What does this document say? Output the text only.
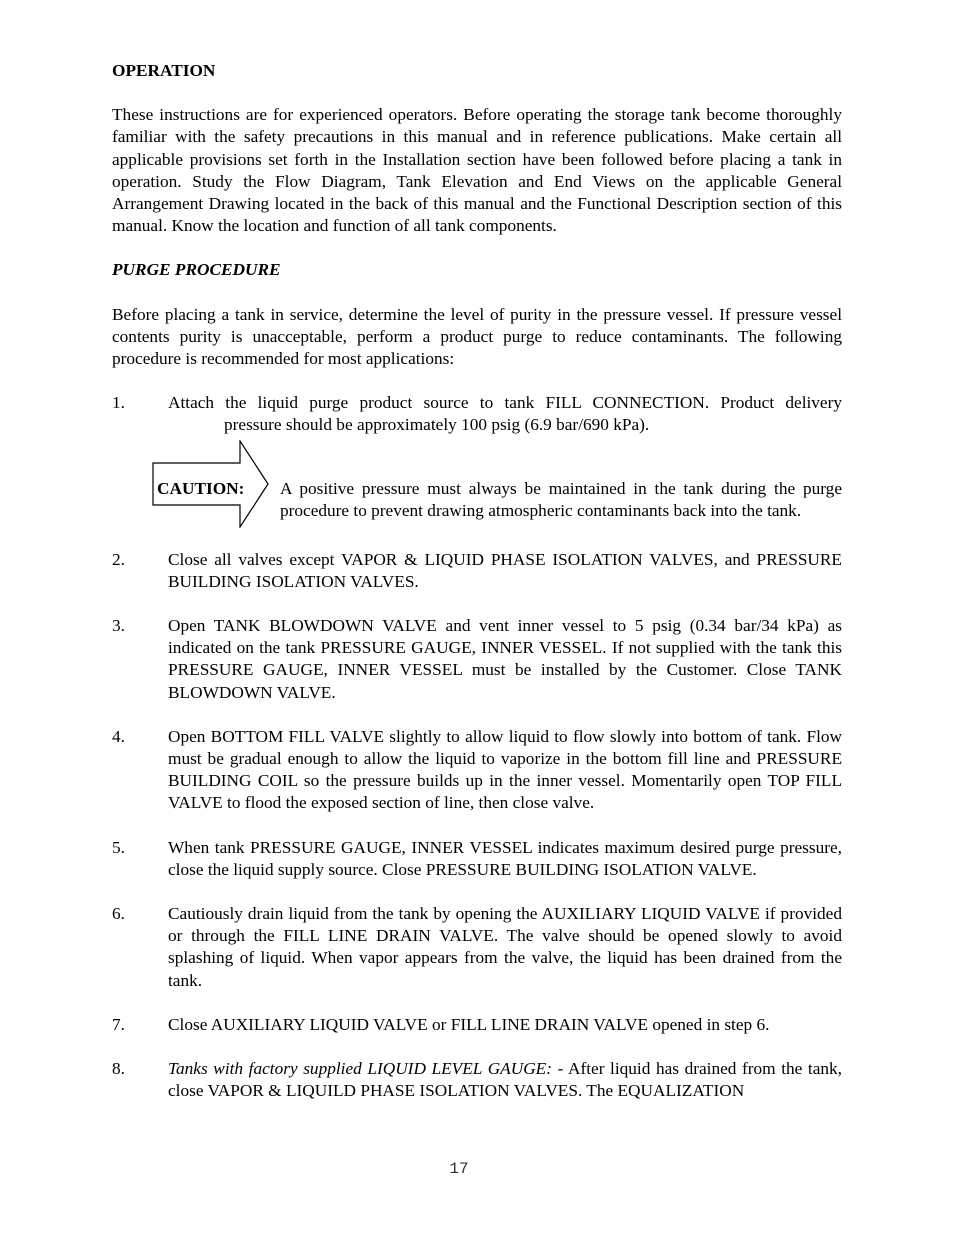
OPERATION

These instructions are for experienced operators. Before operating the storage tank become thoroughly familiar with the safety precautions in this manual and in reference publications. Make certain all applicable provisions set forth in the Installation section have been followed before placing a tank in operation. Study the Flow Diagram, Tank Elevation and End Views on the applicable General Arrangement Drawing located in the back of this manual and the Functional Description section of this manual. Know the location and function of all tank components.

PURGE PROCEDURE

Before placing a tank in service, determine the level of purity in the pressure vessel. If pressure vessel contents purity is unacceptable, perform a product purge to reduce contaminants. The following procedure is recommended for most applications:

1.	Attach the liquid purge product source to tank FILL CONNECTION. Product delivery
pressure should be approximately 100 psig (6.9 bar/690 kPa).
CAUTION: A positive pressure must always be maintained in the tank during the purge procedure to prevent drawing atmospheric contaminants back into the tank.
2.	Close all valves except VAPOR & LIQUID PHASE ISOLATION VALVES, and PRESSURE BUILDING ISOLATION VALVES.
3.	Open TANK BLOWDOWN VALVE and vent inner vessel to 5 psig (0.34 bar/34 kPa) as indicated on the tank PRESSURE GAUGE, INNER VESSEL. If not supplied with the tank this PRESSURE GAUGE, INNER VESSEL must be installed by the Customer. Close TANK BLOWDOWN VALVE.
4.	Open BOTTOM FILL VALVE slightly to allow liquid to flow slowly into bottom of tank. Flow must be gradual enough to allow the liquid to vaporize in the bottom fill line and PRESSURE BUILDING COIL so the pressure builds up in the inner vessel. Momentarily open TOP FILL VALVE to flood the exposed section of line, then close valve.
5.	When tank PRESSURE GAUGE, INNER VESSEL indicates maximum desired purge pressure, close the liquid supply source. Close PRESSURE BUILDING ISOLATION VALVE.
6.	Cautiously drain liquid from the tank by opening the AUXILIARY LIQUID VALVE if provided or through the FILL LINE DRAIN VALVE. The valve should be opened slowly to avoid splashing of liquid. When vapor appears from the valve, the liquid has been drained from the tank.
7.	Close AUXILIARY LIQUID VALVE or FILL LINE DRAIN VALVE opened in step 6.
8.	Tanks with factory supplied LIQUID LEVEL GAUGE: - After liquid has drained from the tank, close VAPOR & LIQUILD PHASE ISOLATION VALVES. The EQUALIZATION
17
